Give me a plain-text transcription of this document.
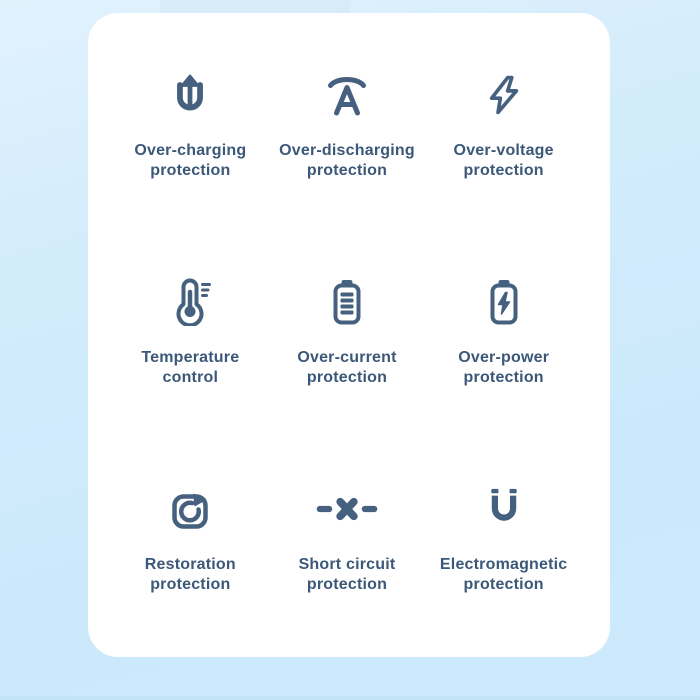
Over-charging
protection
Over-discharging
protection
Over-voltage
protection
Temperature
control
Over-current
protection
Over-power
protection
Restoration
protection
Short circuit
protection
Electromagnetic
protection
